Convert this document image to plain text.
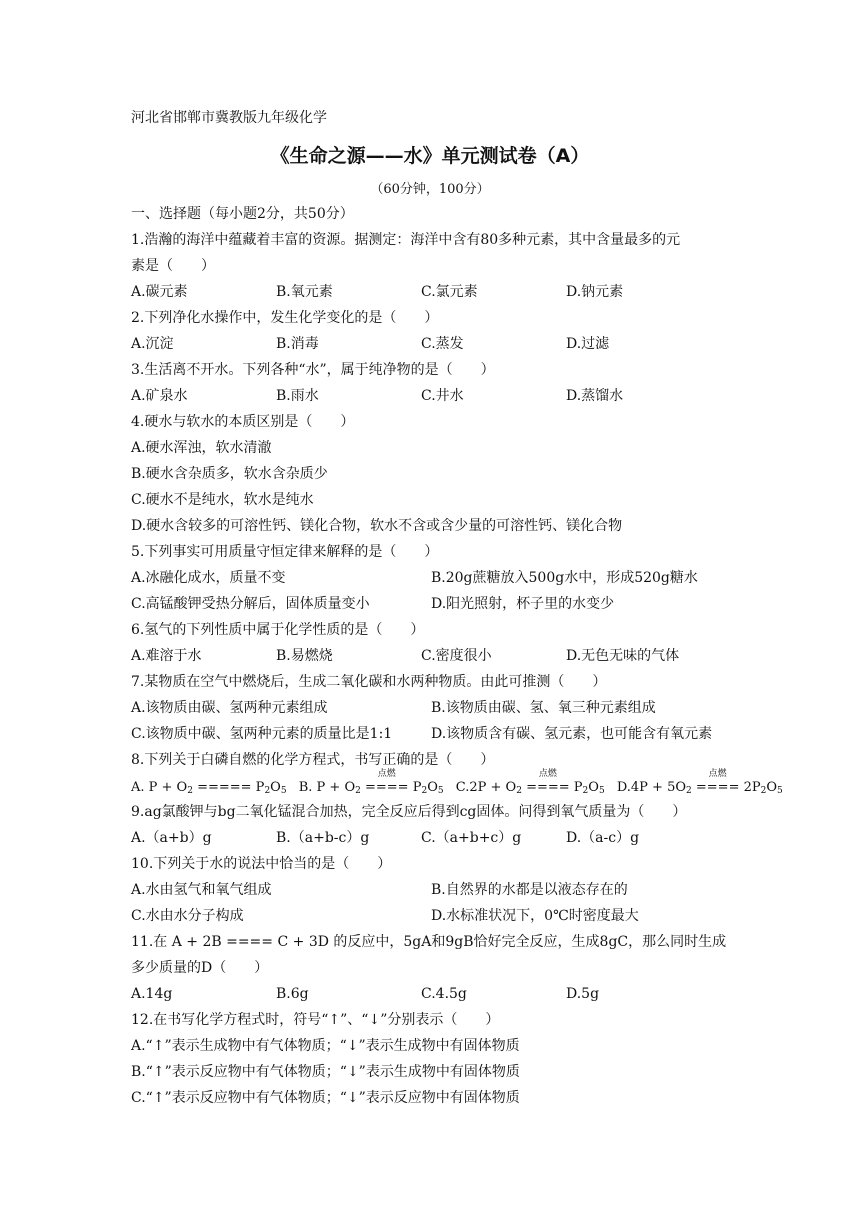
河北省邯郸市冀教版九年级化学
《生命之源——水》单元测试卷（A）
（60分钟，100分）
一、选择题（每小题2分，共50分）
1.浩瀚的海洋中蕴藏着丰富的资源。据测定：海洋中含有80多种元素，其中含量最多的元
素是（　　）
A.碳元素	B.氧元素	C.氯元素	D.钠元素
2.下列净化水操作中，发生化学变化的是（　　）
A.沉淀	B.消毒	C.蒸发	D.过滤
3.生活离不开水。下列各种“水”，属于纯净物的是（　　）
A.矿泉水	B.雨水	C.井水	D.蒸馏水
4.硬水与软水的本质区别是（　　）
A.硬水浑浊，软水清澈
B.硬水含杂质多，软水含杂质少
C.硬水不是纯水，软水是纯水
D.硬水含较多的可溶性钙、镁化合物，软水不含或含少量的可溶性钙、镁化合物
5.下列事实可用质量守恒定律来解释的是（　　）
A.冰融化成水，质量不变	B.20g蔗糖放入500g水中，形成520g糖水
C.高锰酸钾受热分解后，固体质量变小	D.阳光照射，杯子里的水变少
6.氢气的下列性质中属于化学性质的是（　　）
A.难溶于水	B.易燃烧	C.密度很小	D.无色无味的气体
7.某物质在空气中燃烧后，生成二氧化碳和水两种物质。由此可推测（　　）
A.该物质由碳、氢两种元素组成	B.该物质由碳、氢、氧三种元素组成
C.该物质中碳、氢两种元素的质量比是1:1	D.该物质含有碳、氢元素，也可能含有氧元素
8.下列关于白磷自燃的化学方程式，书写正确的是（　　）
A. $P + O_2$ ===== $P_2O_5$ B. $P + O_2$
点燃
==== $P_2O_5$ $C.2P + O_2$
点燃
==== $P_2O_5$ $D.4P + 5O_2$
点燃
==== $2P_2O_5$
9.ag氯酸钾与bg二氧化锰混合加热，完全反应后得到cg固体。问得到氧气质量为（　　）
A.（a+b）g	B.（a+b-c）g	C.（a+b+c）g	D.（a-c）g
10.下列关于水的说法中恰当的是（　　）
A.水由氢气和氧气组成	B.自然界的水都是以液态存在的
C.水由水分子构成	D.水标准状况下，0℃时密度最大
11.在 A + 2B ==== C + 3D 的反应中，5gA和9gB恰好完全反应，生成8gC，那么同时生成
多少质量的D（　　）
A.14g	B.6g	C.4.5g	D.5g
12.在书写化学方程式时，符号“↑”、“↓”分别表示（　　）
A.“↑”表示生成物中有气体物质；“↓”表示生成物中有固体物质
B.“↑”表示反应物中有气体物质；“↓”表示生成物中有固体物质
C.“↑”表示反应物中有气体物质；“↓”表示反应物中有固体物质
